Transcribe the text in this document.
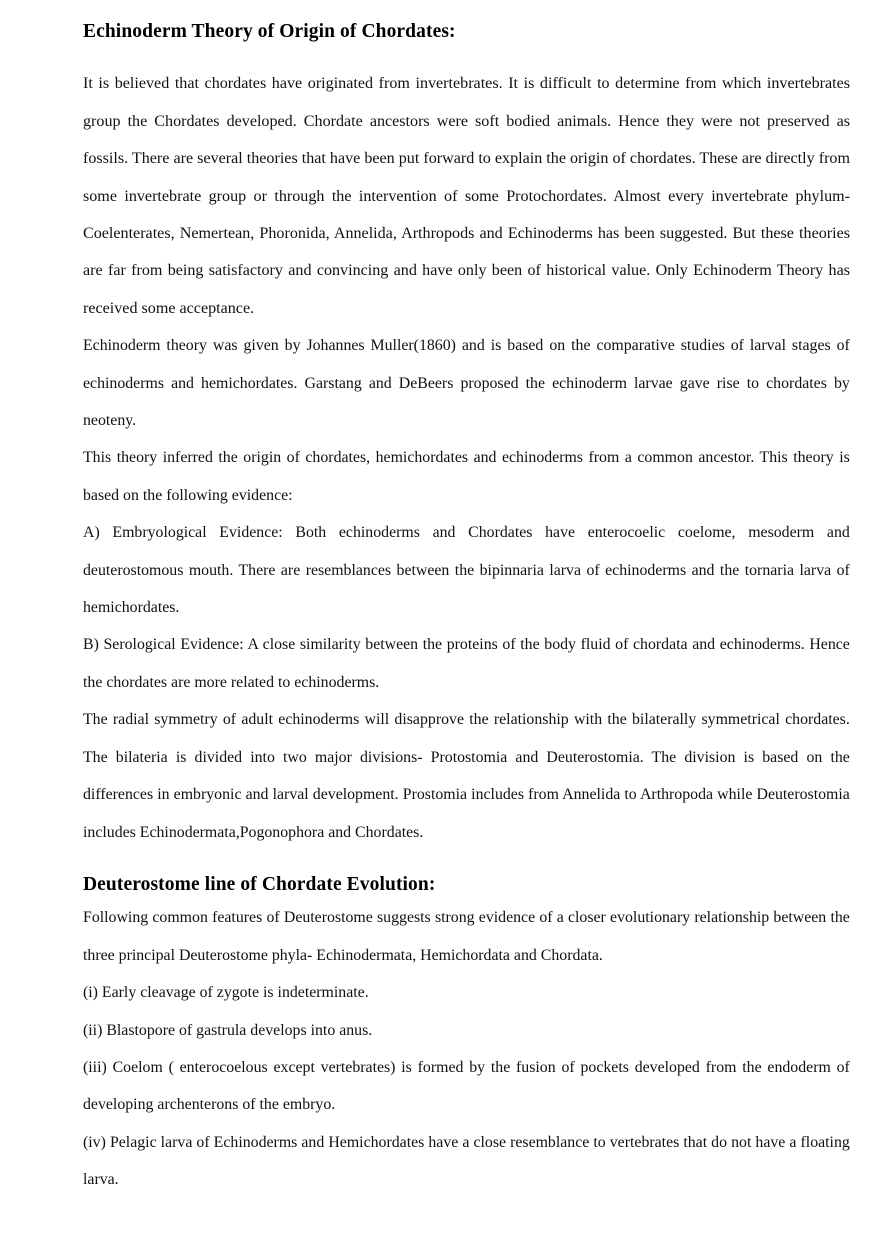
Echinoderm Theory of Origin of Chordates:

It is believed that chordates have originated from invertebrates. It is difficult to determine from which invertebrates group the Chordates developed. Chordate ancestors were soft bodied animals. Hence they were not preserved as fossils. There are several theories that have been put forward to explain the origin of chordates. These are directly from some invertebrate group or through the intervention of some Protochordates. Almost every invertebrate phylum-Coelenterates, Nemertean, Phoronida, Annelida, Arthropods and Echinoderms has been suggested. But these theories are far from being satisfactory and convincing and have only been of historical value. Only Echinoderm Theory has received some acceptance.

Echinoderm theory was given by Johannes Muller(1860) and is based on the comparative studies of larval stages of echinoderms and hemichordates. Garstang and DeBeers proposed the echinoderm larvae gave rise to chordates by neoteny.

This theory inferred the origin of chordates, hemichordates and echinoderms from a common ancestor. This theory is based on the following evidence:

A) Embryological Evidence: Both echinoderms and Chordates have enterocoelic coelome, mesoderm and deuterostomous mouth. There are resemblances between the bipinnaria larva of echinoderms and the tornaria larva of hemichordates.

B) Serological Evidence: A close similarity between the proteins of the body fluid of chordata and echinoderms. Hence the chordates are more related to echinoderms.

The radial symmetry of adult echinoderms will disapprove the relationship with the bilaterally symmetrical chordates. The bilateria is divided into two major divisions- Protostomia and Deuterostomia. The division is based on the differences in embryonic and larval development. Prostomia includes from Annelida to Arthropoda while Deuterostomia includes Echinodermata,Pogonophora and Chordates.

Deuterostome line of Chordate Evolution:

Following common features of Deuterostome suggests strong evidence of a closer evolutionary relationship between the three principal Deuterostome phyla- Echinodermata, Hemichordata and Chordata.

(i) Early cleavage of zygote is indeterminate.

(ii) Blastopore of gastrula develops into anus.

(iii) Coelom ( enterocoelous except vertebrates) is formed by the fusion of pockets developed from the endoderm of developing archenterons of the embryo.

(iv) Pelagic larva of Echinoderms and Hemichordates have a close resemblance to vertebrates that do not have a floating larva.
